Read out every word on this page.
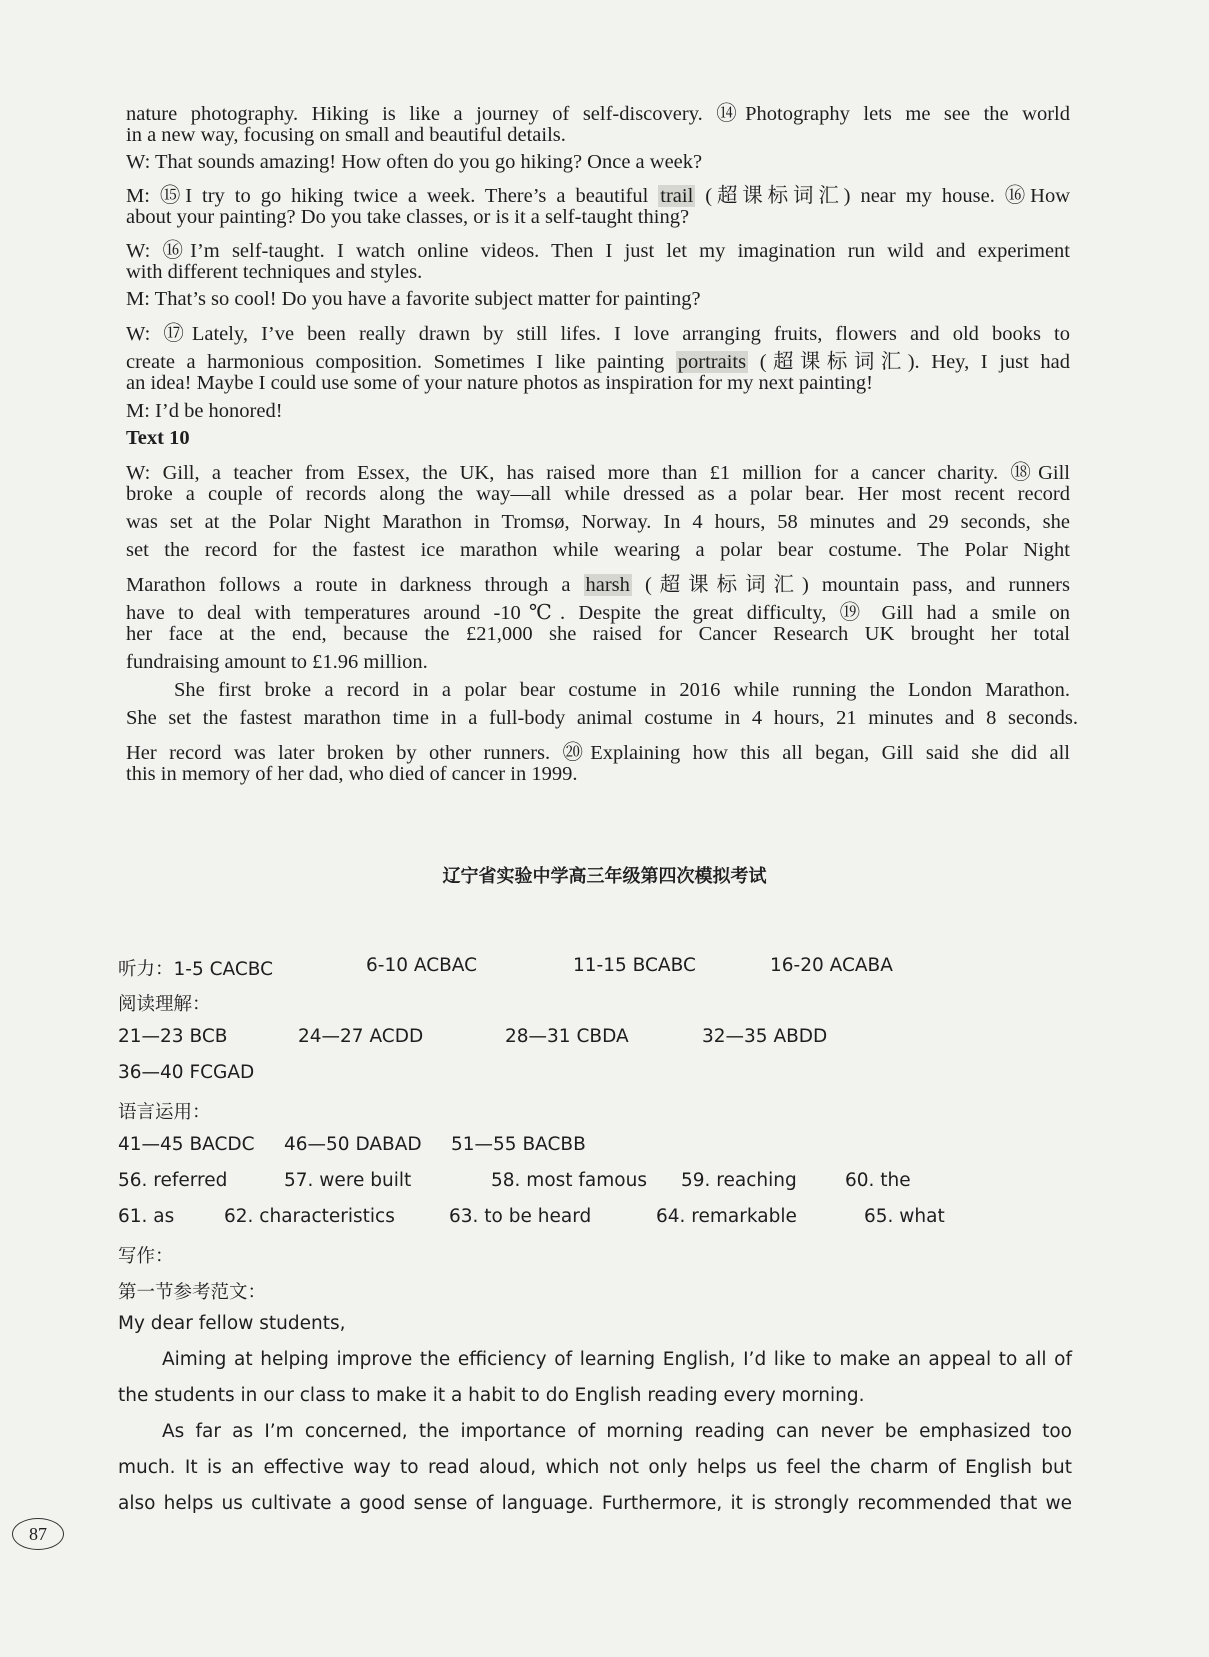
nature photography. Hiking is like a journey of self-discovery. ⑭Photography lets me see the world
in a new way, focusing on small and beautiful details.
W: That sounds amazing! How often do you go hiking? Once a week?
M: ⑮I try to go hiking twice a week. There’s a beautiful trail (超课标词汇) near my house. ⑯How
about your painting? Do you take classes, or is it a self-taught thing?
W: ⑯I’m self-taught. I watch online videos. Then I just let my imagination run wild and experiment
with different techniques and styles.
M: That’s so cool! Do you have a favorite subject matter for painting?
W: ⑰Lately, I’ve been really drawn by still lifes. I love arranging fruits, flowers and old books to
create a harmonious composition. Sometimes I like painting portraits (超课标词汇). Hey, I just had
an idea! Maybe I could use some of your nature photos as inspiration for my next painting!
M: I’d be honored!
Text 10
W: Gill, a teacher from Essex, the UK, has raised more than £1 million for a cancer charity. ⑱Gill
broke a couple of records along the way—all while dressed as a polar bear. Her most recent record
was set at the Polar Night Marathon in Tromsø, Norway. In 4 hours, 58 minutes and 29 seconds, she
set the record for the fastest ice marathon while wearing a polar bear costume. The Polar Night
Marathon follows a route in darkness through a harsh (超课标词汇) mountain pass, and runners
have to deal with temperatures around -10℃. Despite the great difficulty, ⑲ Gill had a smile on
her face at the end, because the £21,000 she raised for Cancer Research UK brought her total
fundraising amount to £1.96 million.
She first broke a record in a polar bear costume in 2016 while running the London Marathon.
She set the fastest marathon time in a full-body animal costume in 4 hours, 21 minutes and 8 seconds.
Her record was later broken by other runners. ⑳Explaining how this all began, Gill said she did all
this in memory of her dad, who died of cancer in 1999.
辽宁省实验中学高三年级第四次模拟考试
听力：1-5 CACBC	6-10 ACBAC	11-15 BCABC	16-20 ACABA
阅读理解：
21—23 BCB	24—27 ACDD	28—31 CBDA	32—35 ABDD
36—40 FCGAD
语言运用：
41—45 BACDC 46—50 DABAD 51—55 BACBB
56. referred	57. were built	58. most famous 59. reaching	60. the
61. as	62. characteristics	63. to be heard	64. remarkable	65. what
写作：
第一节参考范文：
My dear fellow students,
Aiming at helping improve the efficiency of learning English, I’d like to make an appeal to all of
the students in our class to make it a habit to do English reading every morning.
As far as I’m concerned, the importance of morning reading can never be emphasized too
much. It is an effective way to read aloud, which not only helps us feel the charm of English but
also helps us cultivate a good sense of language. Furthermore, it is strongly recommended that we
87
